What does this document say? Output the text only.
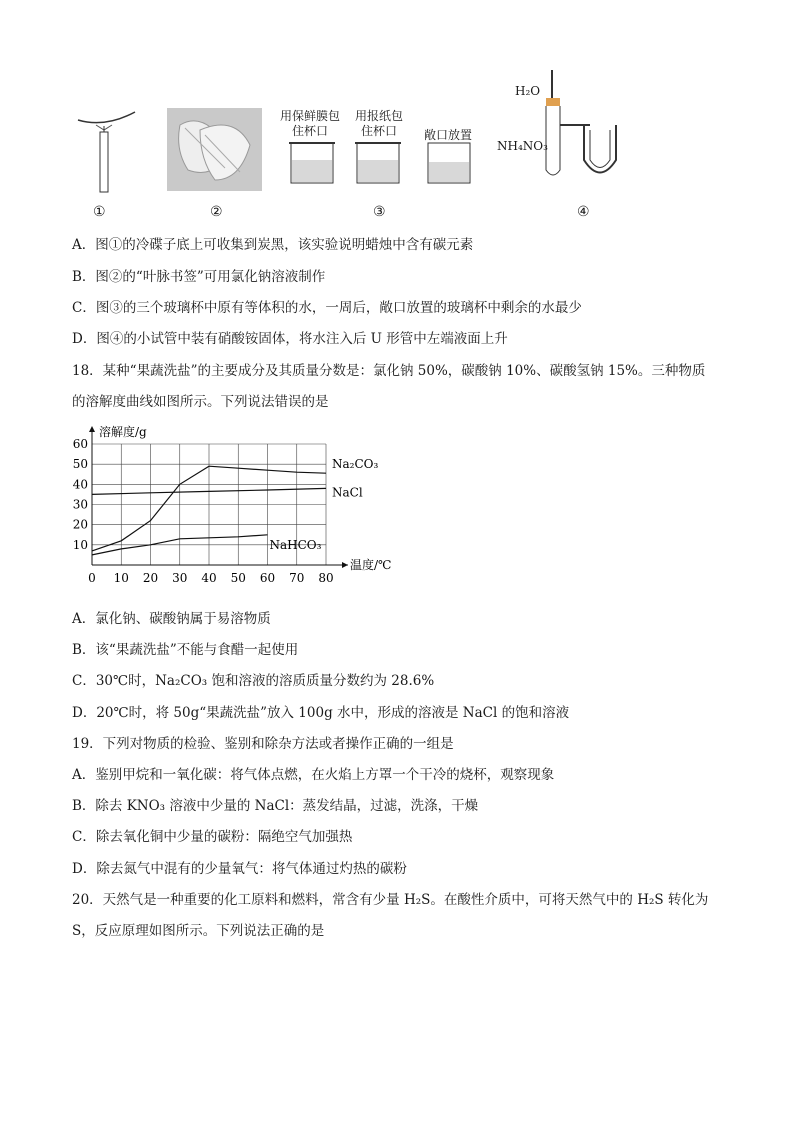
用保鲜膜包住杯口
用报纸包住杯口	敞口放置
H₂O
NH₄NO₃
①	②	③	④
A．图①的冷碟子底上可收集到炭黑，该实验说明蜡烛中含有碳元素
B．图②的“叶脉书签”可用氯化钠溶液制作
C．图③的三个玻璃杯中原有等体积的水，一周后，敞口放置的玻璃杯中剩余的水最少
D．图④的小试管中装有硝酸铵固体，将水注入后 U 形管中左端液面上升
18．某种“果蔬洗盐”的主要成分及其质量分数是：氯化钠 50%，碳酸钠 10%、碳酸氢钠 15%。三种物质
的溶解度曲线如图所示。下列说法错误的是
0 10 20 30 40 50 60 70 80
10
20
30
40
50
60
溶解度/g
温度/℃
Na₂CO₃
NaCl
NaHCO₃
A．氯化钠、碳酸钠属于易溶物质
B．该“果蔬洗盐”不能与食醋一起使用
C．30℃时，Na₂CO₃ 饱和溶液的溶质质量分数约为 28.6%
D．20℃时，将 50g“果蔬洗盐”放入 100g 水中，形成的溶液是 NaCl 的饱和溶液
19．下列对物质的检验、鉴别和除杂方法或者操作正确的一组是
A．鉴别甲烷和一氧化碳：将气体点燃，在火焰上方罩一个干冷的烧杯，观察现象
B．除去 KNO₃ 溶液中少量的 NaCl：蒸发结晶，过滤，洗涤，干燥
C．除去氧化铜中少量的碳粉：隔绝空气加强热
D．除去氮气中混有的少量氧气：将气体通过灼热的碳粉
20．天然气是一种重要的化工原料和燃料，常含有少量 H₂S。在酸性介质中，可将天然气中的 H₂S 转化为
S，反应原理如图所示。下列说法正确的是
